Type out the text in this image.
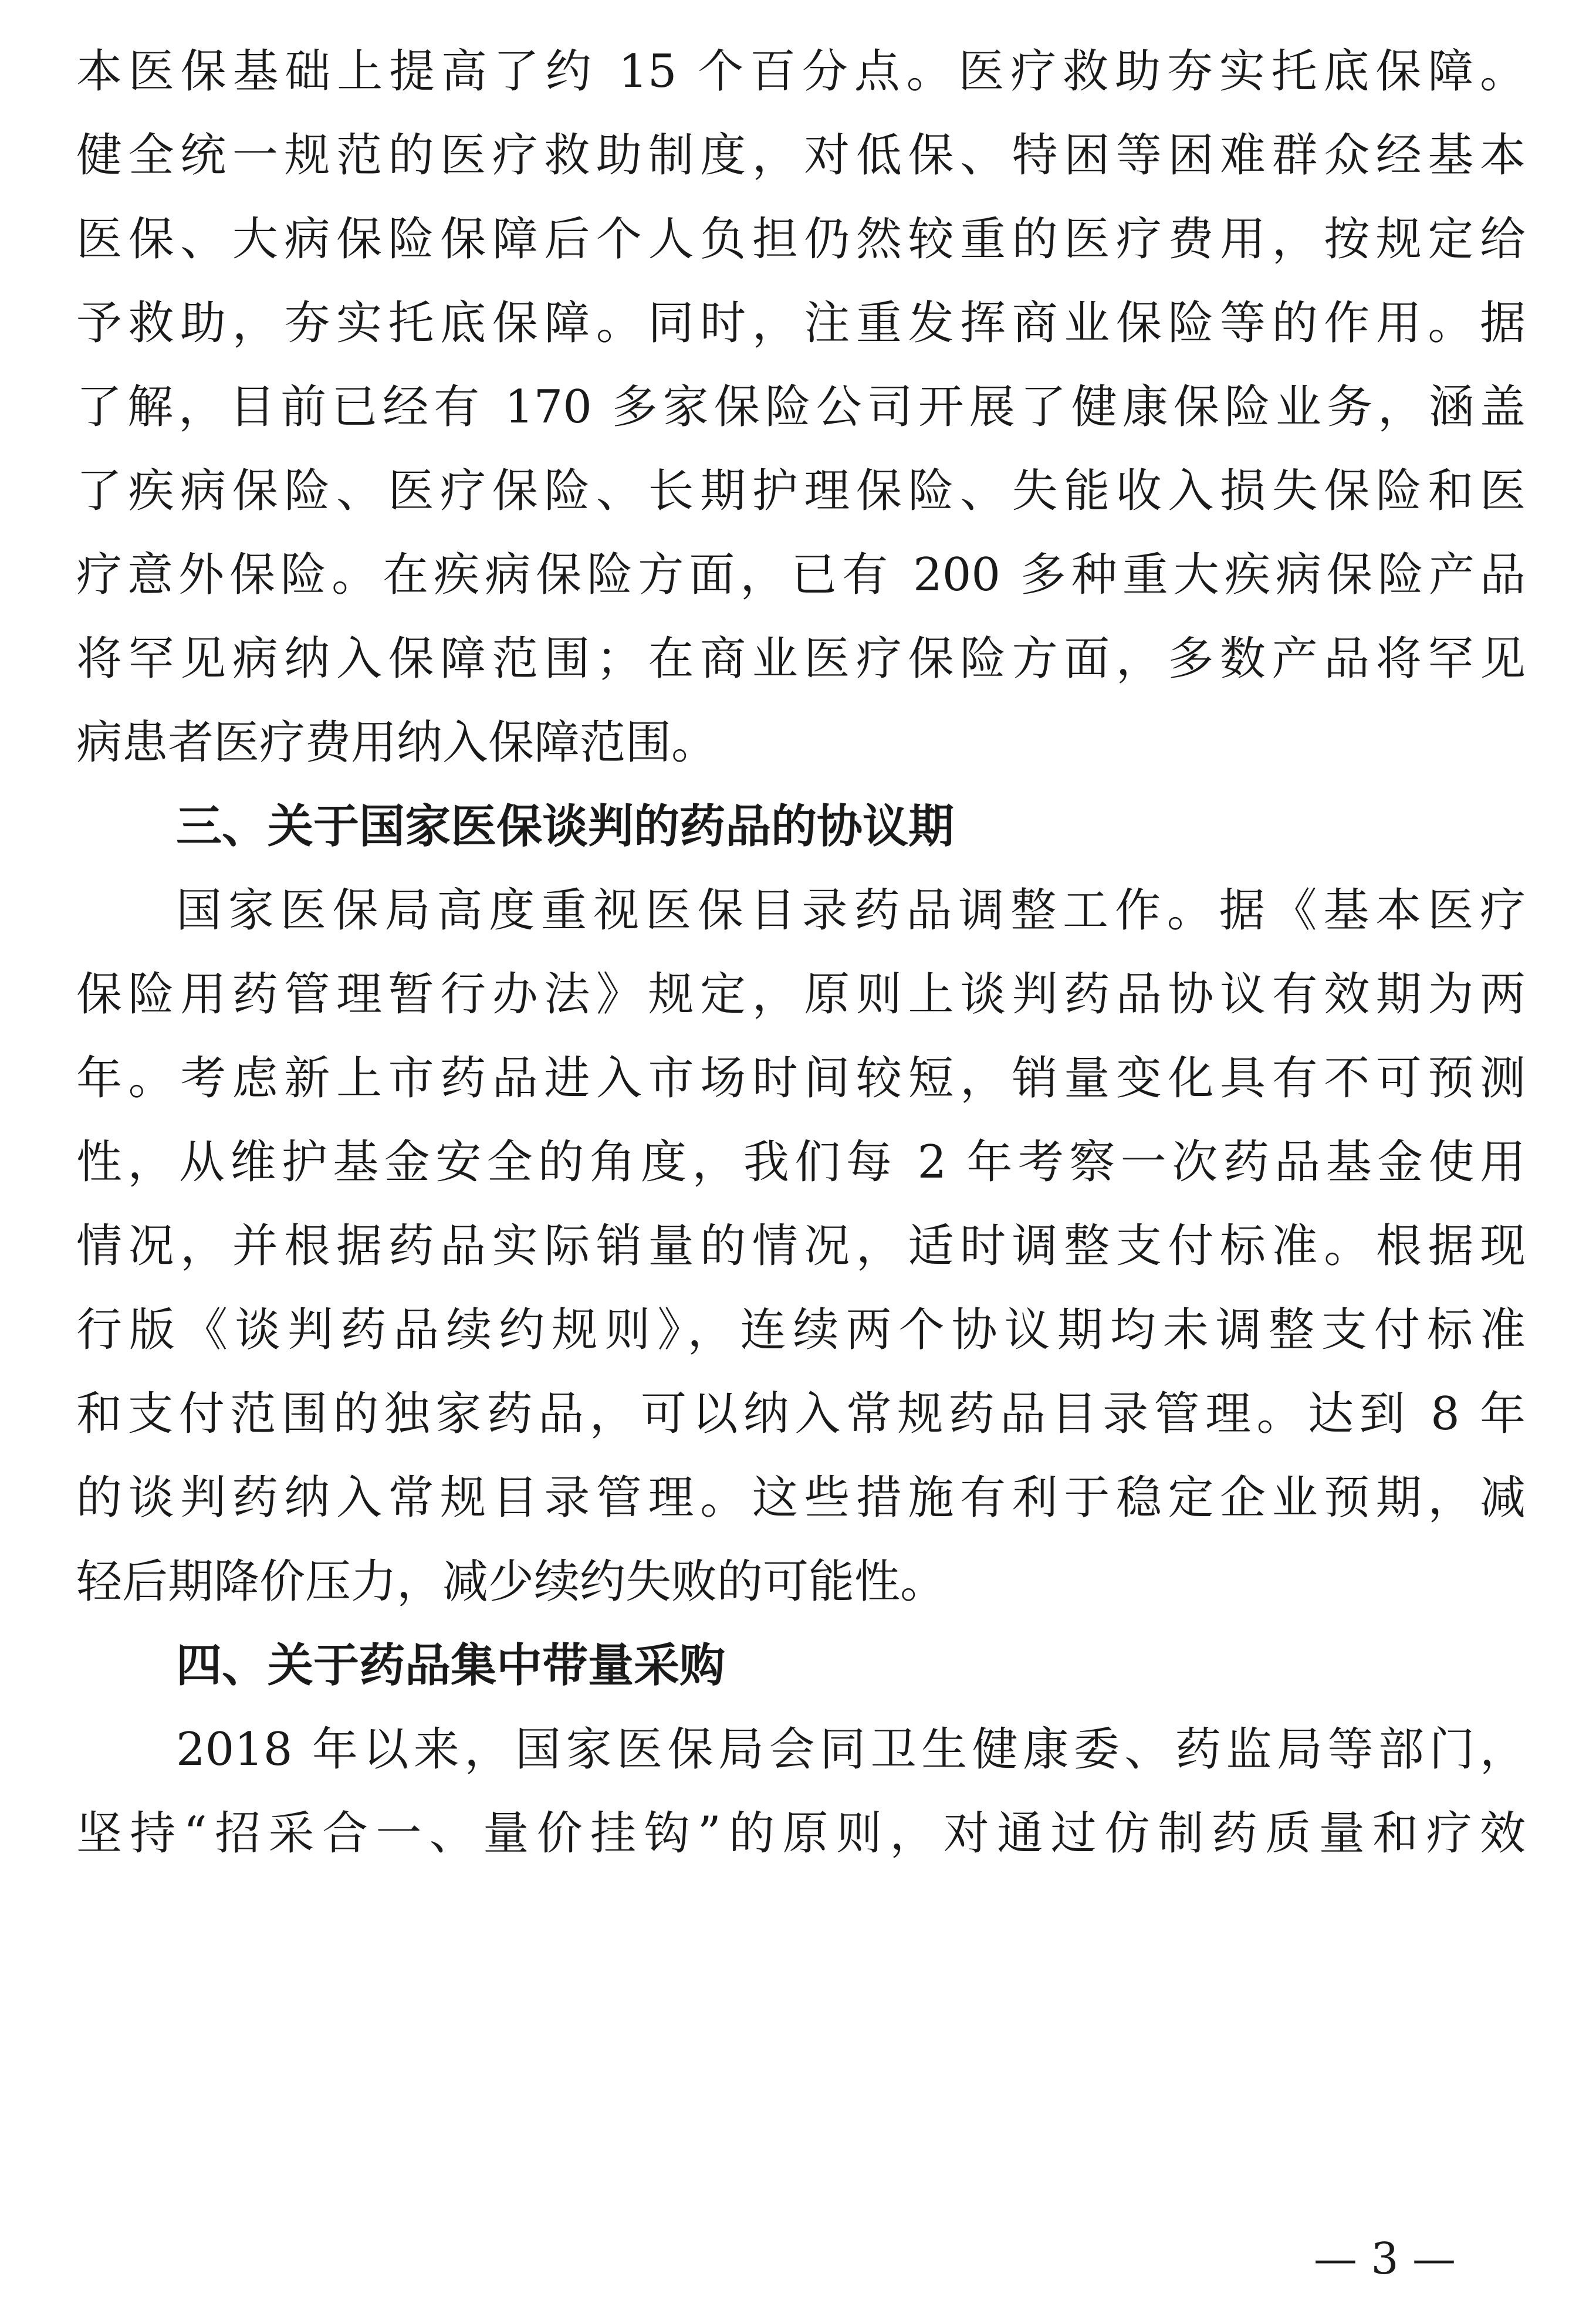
本医保基础上提高了约 15 个百分点。医疗救助夯实托底保障。
健全统一规范的医疗救助制度，对低保、特困等困难群众经基本
医保、大病保险保障后个人负担仍然较重的医疗费用，按规定给
予救助，夯实托底保障。同时，注重发挥商业保险等的作用。据
了解，目前已经有 170 多家保险公司开展了健康保险业务，涵盖
了疾病保险、医疗保险、长期护理保险、失能收入损失保险和医
疗意外保险。在疾病保险方面，已有 200 多种重大疾病保险产品
将罕见病纳入保障范围；在商业医疗保险方面，多数产品将罕见
病患者医疗费用纳入保障范围。
三、关于国家医保谈判的药品的协议期
国家医保局高度重视医保目录药品调整工作。据《基本医疗
保险用药管理暂行办法》规定，原则上谈判药品协议有效期为两
年。考虑新上市药品进入市场时间较短，销量变化具有不可预测
性，从维护基金安全的角度，我们每 2 年考察一次药品基金使用
情况，并根据药品实际销量的情况，适时调整支付标准。根据现
行版《谈判药品续约规则》，连续两个协议期均未调整支付标准
和支付范围的独家药品，可以纳入常规药品目录管理。达到 8 年
的谈判药纳入常规目录管理。这些措施有利于稳定企业预期，减
轻后期降价压力，减少续约失败的可能性。
四、关于药品集中带量采购
2018 年以来，国家医保局会同卫生健康委、药监局等部门，
坚持“招采合一、量价挂钩”的原则，对通过仿制药质量和疗效
— 3 —
